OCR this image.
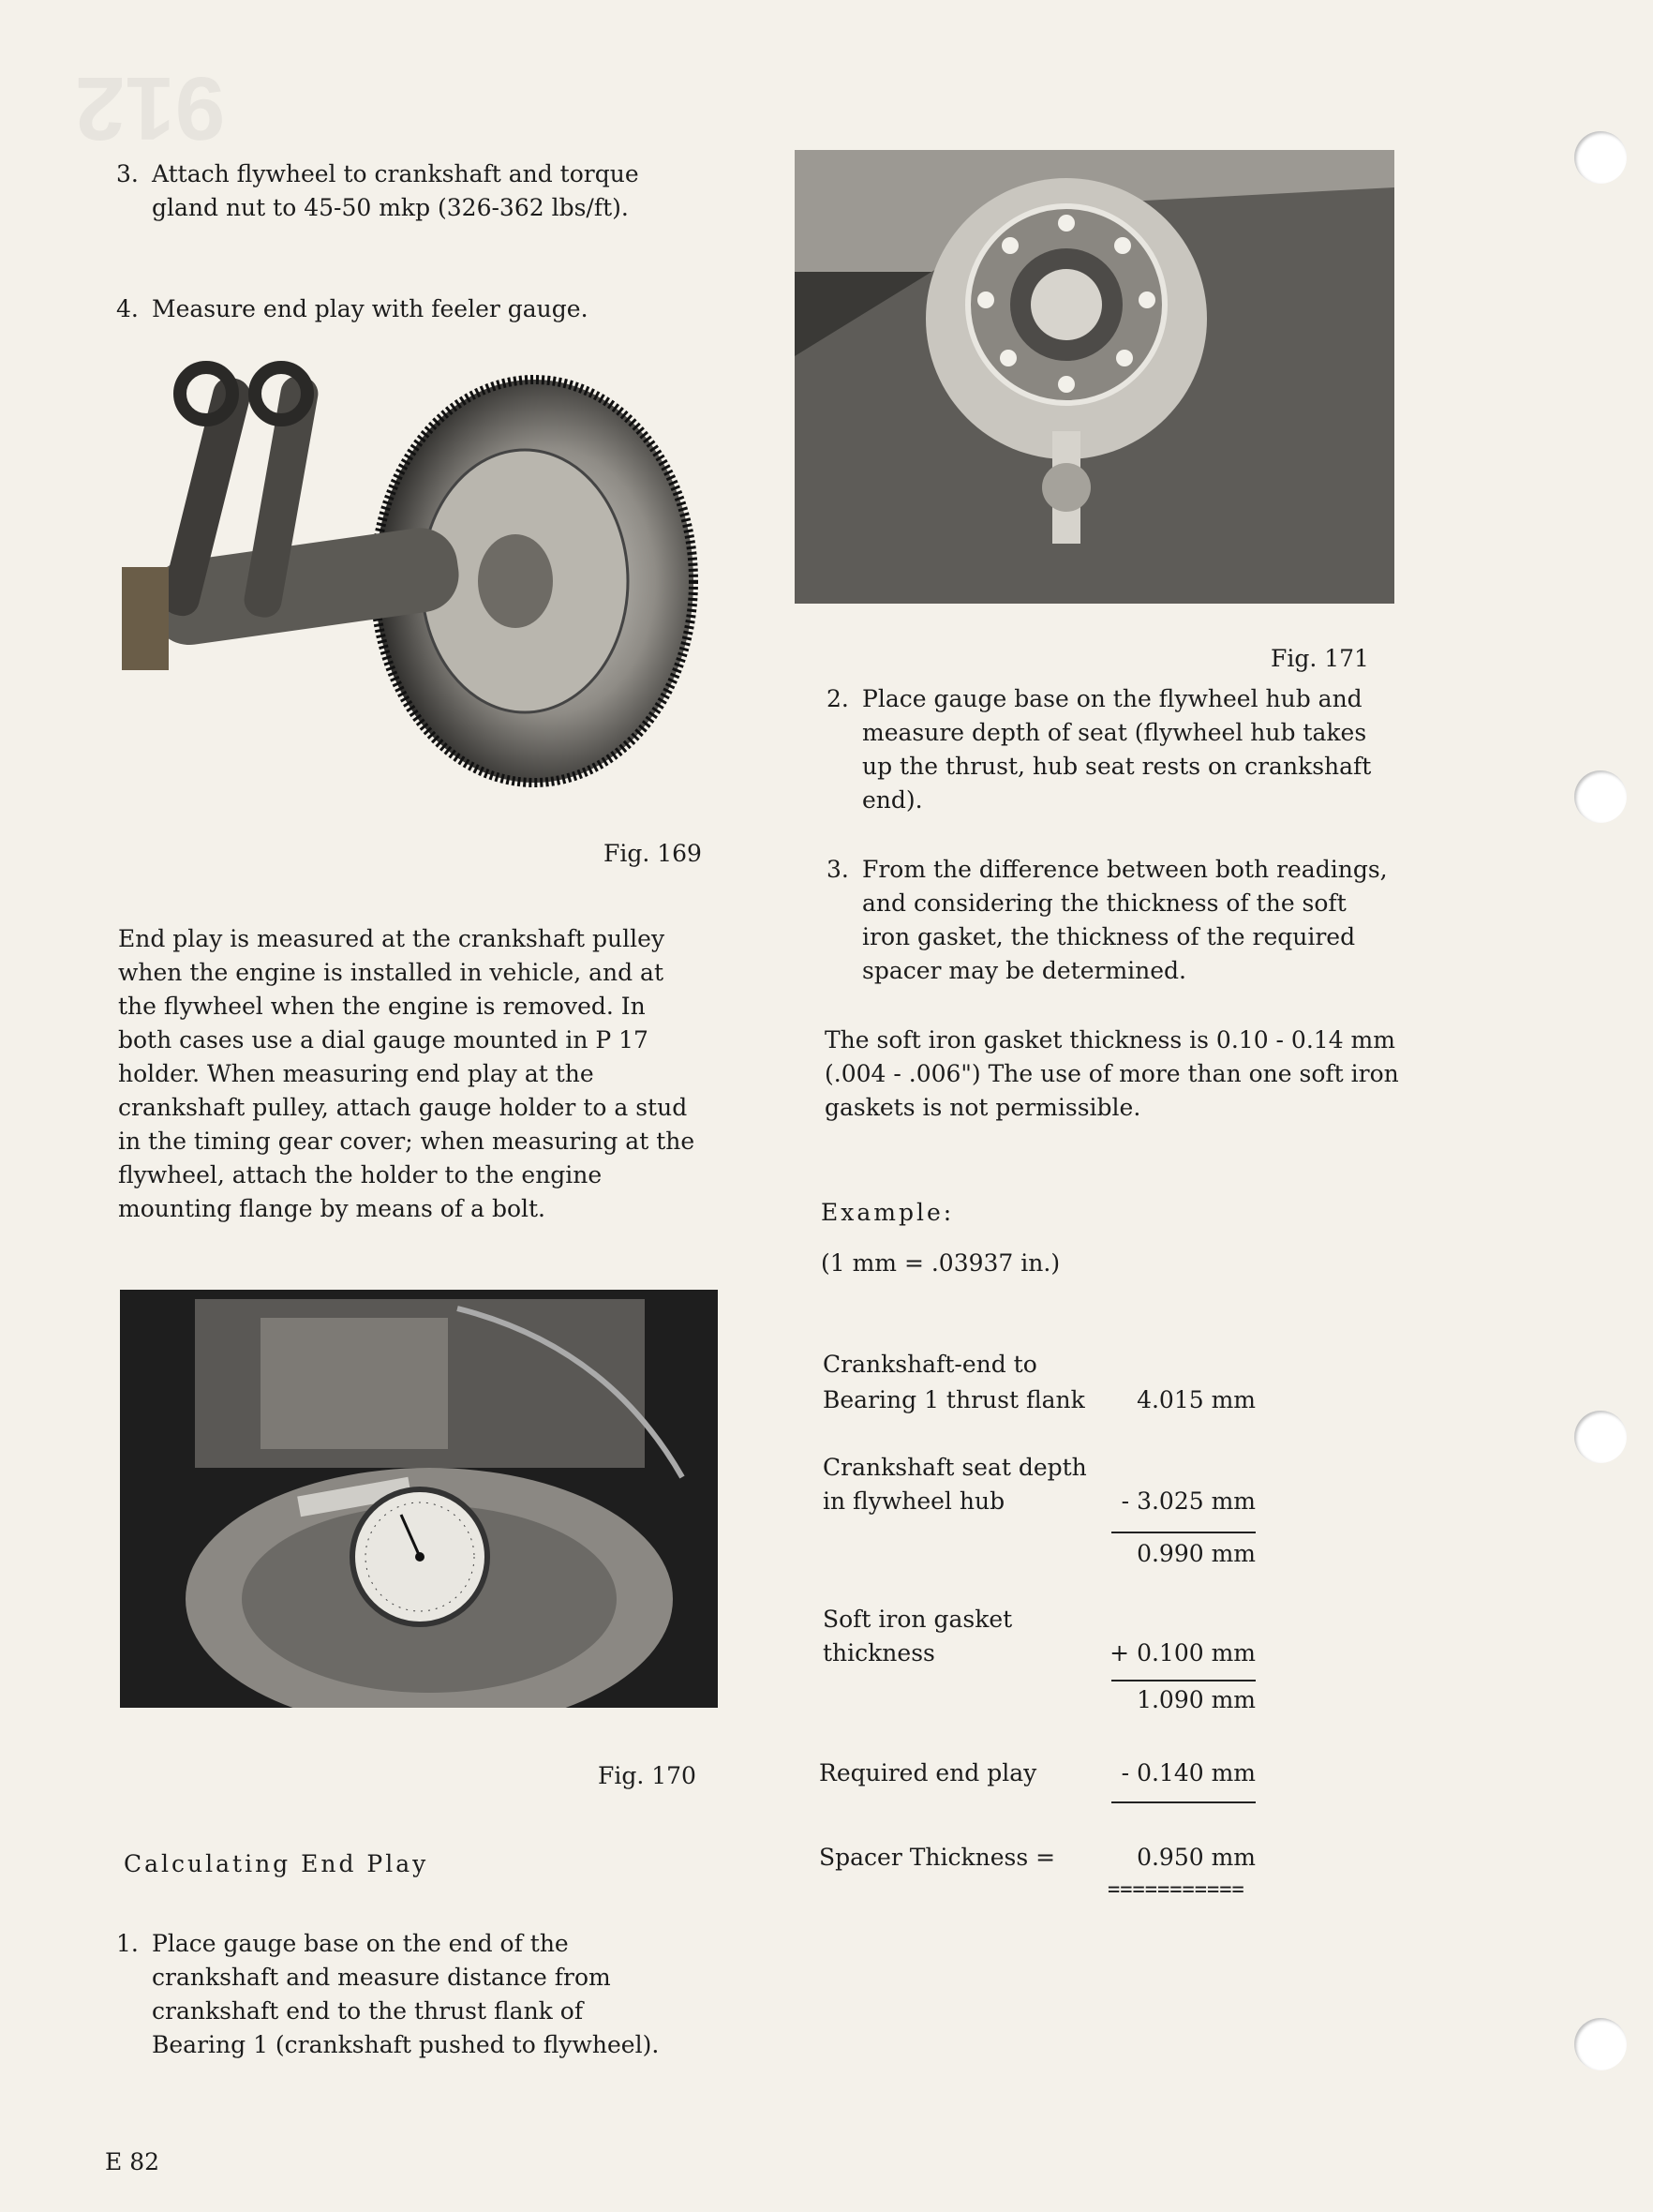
912

3. Attach flywheel to crankshaft and torque gland nut to 45-50 mkp (326-362 lbs/ft).

4. Measure end play with feeler gauge.

Fig. 169

End play is measured at the crankshaft pulley when the engine is installed in vehicle, and at the flywheel when the engine is removed. In both cases use a dial gauge mounted in P 17 holder. When measuring end play at the crankshaft pulley, attach gauge holder to a stud in the timing gear cover; when measuring at the flywheel, attach the holder to the engine mounting flange by means of a bolt.

Fig. 170
Calculating End Play

1. Place gauge base on the end of the crankshaft and measure distance from crankshaft end to the thrust flank of Bearing 1 (crankshaft pushed to flywheel).

Fig. 171

2. Place gauge base on the flywheel hub and measure depth of seat (flywheel hub takes up the thrust, hub seat rests on crankshaft end).

3. From the difference between both readings, and considering the thickness of the soft iron gasket, the thickness of the required spacer may be determined.

The soft iron gasket thickness is 0.10 - 0.14 mm (.004 - .006") The use of more than one soft iron gaskets is not permissible.

Example:
(1 mm = .03937 in.)
Crankshaft-end to
Bearing 1 thrust flank	4.015 mm
Crankshaft seat depth
in flywheel hub	- 3.025 mm
0.990 mm
Soft iron gasket
thickness	+ 0.100 mm
1.090 mm
Required end play	- 0.140 mm
Spacer Thickness =	0.950 mm
===========
E 82
